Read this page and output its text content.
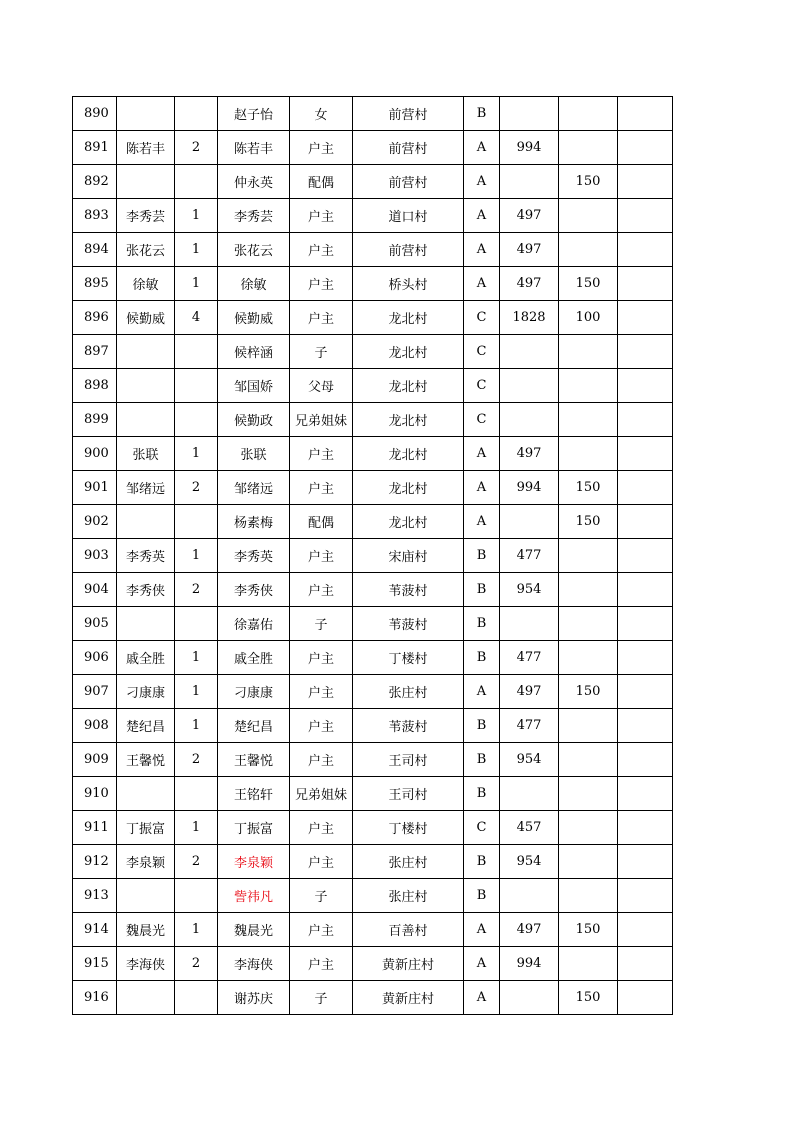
890			赵子怡	女	前营村	B			
891	陈若丰	2	陈若丰	户主	前营村	A	994		
892			仲永英	配偶	前营村	A		150	
893	李秀芸	1	李秀芸	户主	道口村	A	497		
894	张花云	1	张花云	户主	前营村	A	497		
895	徐敏	1	徐敏	户主	桥头村	A	497	150	
896	候勤威	4	候勤威	户主	龙北村	C	1828	100	
897			候梓涵	子	龙北村	C			
898			邹国娇	父母	龙北村	C			
899			候勤政	兄弟姐妹	龙北村	C			
900	张联	1	张联	户主	龙北村	A	497		
901	邹绪远	2	邹绪远	户主	龙北村	A	994	150	
902			杨素梅	配偶	龙北村	A		150	
903	李秀英	1	李秀英	户主	宋庙村	B	477		
904	李秀侠	2	李秀侠	户主	苇菠村	B	954		
905			徐嘉佑	子	苇菠村	B			
906	戚全胜	1	戚全胜	户主	丁楼村	B	477		
907	刁康康	1	刁康康	户主	张庄村	A	497	150	
908	楚纪昌	1	楚纪昌	户主	苇菠村	B	477		
909	王馨悦	2	王馨悦	户主	王司村	B	954		
910			王铭轩	兄弟姐妹	王司村	B			
911	丁振富	1	丁振富	户主	丁楼村	C	457		
912	李泉颖	2	李泉颖	户主	张庄村	B	954		
913			訾祎凡	子	张庄村	B			
914	魏晨光	1	魏晨光	户主	百善村	A	497	150	
915	李海侠	2	李海侠	户主	黄新庄村	A	994		
916			谢苏庆	子	黄新庄村	A		150	
